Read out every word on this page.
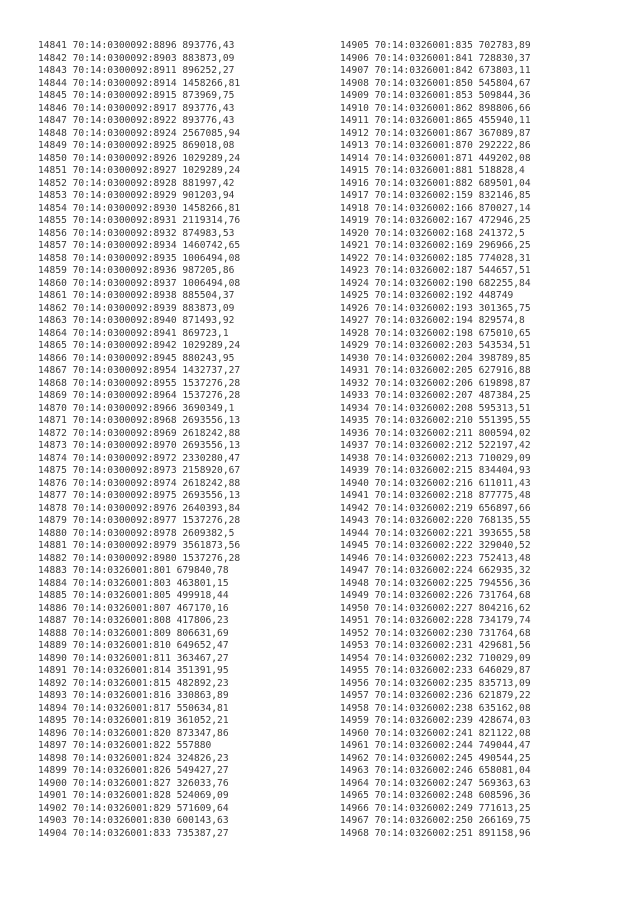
14841 70:14:0300092:8896 893776,43
14842 70:14:0300092:8903 883873,09
14843 70:14:0300092:8911 896252,27
14844 70:14:0300092:8914 1458266,81
14845 70:14:0300092:8915 873969,75
14846 70:14:0300092:8917 893776,43
14847 70:14:0300092:8922 893776,43
14848 70:14:0300092:8924 2567085,94
14849 70:14:0300092:8925 869018,08
14850 70:14:0300092:8926 1029289,24
14851 70:14:0300092:8927 1029289,24
14852 70:14:0300092:8928 881997,42
14853 70:14:0300092:8929 901203,94
14854 70:14:0300092:8930 1458266,81
14855 70:14:0300092:8931 2119314,76
14856 70:14:0300092:8932 874983,53
14857 70:14:0300092:8934 1460742,65
14858 70:14:0300092:8935 1006494,08
14859 70:14:0300092:8936 987205,86
14860 70:14:0300092:8937 1006494,08
14861 70:14:0300092:8938 885504,37
14862 70:14:0300092:8939 883873,09
14863 70:14:0300092:8940 871493,92
14864 70:14:0300092:8941 869723,1
14865 70:14:0300092:8942 1029289,24
14866 70:14:0300092:8945 880243,95
14867 70:14:0300092:8954 1432737,27
14868 70:14:0300092:8955 1537276,28
14869 70:14:0300092:8964 1537276,28
14870 70:14:0300092:8966 3690349,1
14871 70:14:0300092:8968 2693556,13
14872 70:14:0300092:8969 2618242,88
14873 70:14:0300092:8970 2693556,13
14874 70:14:0300092:8972 2330280,47
14875 70:14:0300092:8973 2158920,67
14876 70:14:0300092:8974 2618242,88
14877 70:14:0300092:8975 2693556,13
14878 70:14:0300092:8976 2640393,84
14879 70:14:0300092:8977 1537276,28
14880 70:14:0300092:8978 2609382,5
14881 70:14:0300092:8979 3561873,56
14882 70:14:0300092:8980 1537276,28
14883 70:14:0326001:801 679840,78
14884 70:14:0326001:803 463801,15
14885 70:14:0326001:805 499918,44
14886 70:14:0326001:807 467170,16
14887 70:14:0326001:808 417806,23
14888 70:14:0326001:809 806631,69
14889 70:14:0326001:810 649652,47
14890 70:14:0326001:811 363467,27
14891 70:14:0326001:814 351391,95
14892 70:14:0326001:815 482892,23
14893 70:14:0326001:816 330863,89
14894 70:14:0326001:817 550634,81
14895 70:14:0326001:819 361052,21
14896 70:14:0326001:820 873347,86
14897 70:14:0326001:822 557880
14898 70:14:0326001:824 324826,23
14899 70:14:0326001:826 549427,27
14900 70:14:0326001:827 326033,76
14901 70:14:0326001:828 524069,09
14902 70:14:0326001:829 571609,64
14903 70:14:0326001:830 600143,63
14904 70:14:0326001:833 735387,27
14905 70:14:0326001:835 702783,89
14906 70:14:0326001:841 728830,37
14907 70:14:0326001:842 673803,11
14908 70:14:0326001:850 545804,67
14909 70:14:0326001:853 509844,36
14910 70:14:0326001:862 898806,66
14911 70:14:0326001:865 455940,11
14912 70:14:0326001:867 367089,87
14913 70:14:0326001:870 292222,86
14914 70:14:0326001:871 449202,08
14915 70:14:0326001:881 518828,4
14916 70:14:0326001:882 689501,04
14917 70:14:0326002:159 832146,85
14918 70:14:0326002:166 870027,14
14919 70:14:0326002:167 472946,25
14920 70:14:0326002:168 241372,5
14921 70:14:0326002:169 296966,25
14922 70:14:0326002:185 774028,31
14923 70:14:0326002:187 544657,51
14924 70:14:0326002:190 682255,84
14925 70:14:0326002:192 448749
14926 70:14:0326002:193 301365,75
14927 70:14:0326002:194 829574,8
14928 70:14:0326002:198 675010,65
14929 70:14:0326002:203 543534,51
14930 70:14:0326002:204 398789,85
14931 70:14:0326002:205 627916,88
14932 70:14:0326002:206 619898,87
14933 70:14:0326002:207 487384,25
14934 70:14:0326002:208 595313,51
14935 70:14:0326002:210 551395,55
14936 70:14:0326002:211 800594,02
14937 70:14:0326002:212 522197,42
14938 70:14:0326002:213 710029,09
14939 70:14:0326002:215 834404,93
14940 70:14:0326002:216 611011,43
14941 70:14:0326002:218 877775,48
14942 70:14:0326002:219 656897,66
14943 70:14:0326002:220 768135,55
14944 70:14:0326002:221 393655,58
14945 70:14:0326002:222 329040,52
14946 70:14:0326002:223 752413,48
14947 70:14:0326002:224 662935,32
14948 70:14:0326002:225 794556,36
14949 70:14:0326002:226 731764,68
14950 70:14:0326002:227 804216,62
14951 70:14:0326002:228 734179,74
14952 70:14:0326002:230 731764,68
14953 70:14:0326002:231 429681,56
14954 70:14:0326002:232 710029,09
14955 70:14:0326002:233 646029,87
14956 70:14:0326002:235 835713,09
14957 70:14:0326002:236 621879,22
14958 70:14:0326002:238 635162,08
14959 70:14:0326002:239 428674,03
14960 70:14:0326002:241 821122,08
14961 70:14:0326002:244 749044,47
14962 70:14:0326002:245 490544,25
14963 70:14:0326002:246 658081,04
14964 70:14:0326002:247 569363,63
14965 70:14:0326002:248 608596,36
14966 70:14:0326002:249 771613,25
14967 70:14:0326002:250 266169,75
14968 70:14:0326002:251 891158,96
